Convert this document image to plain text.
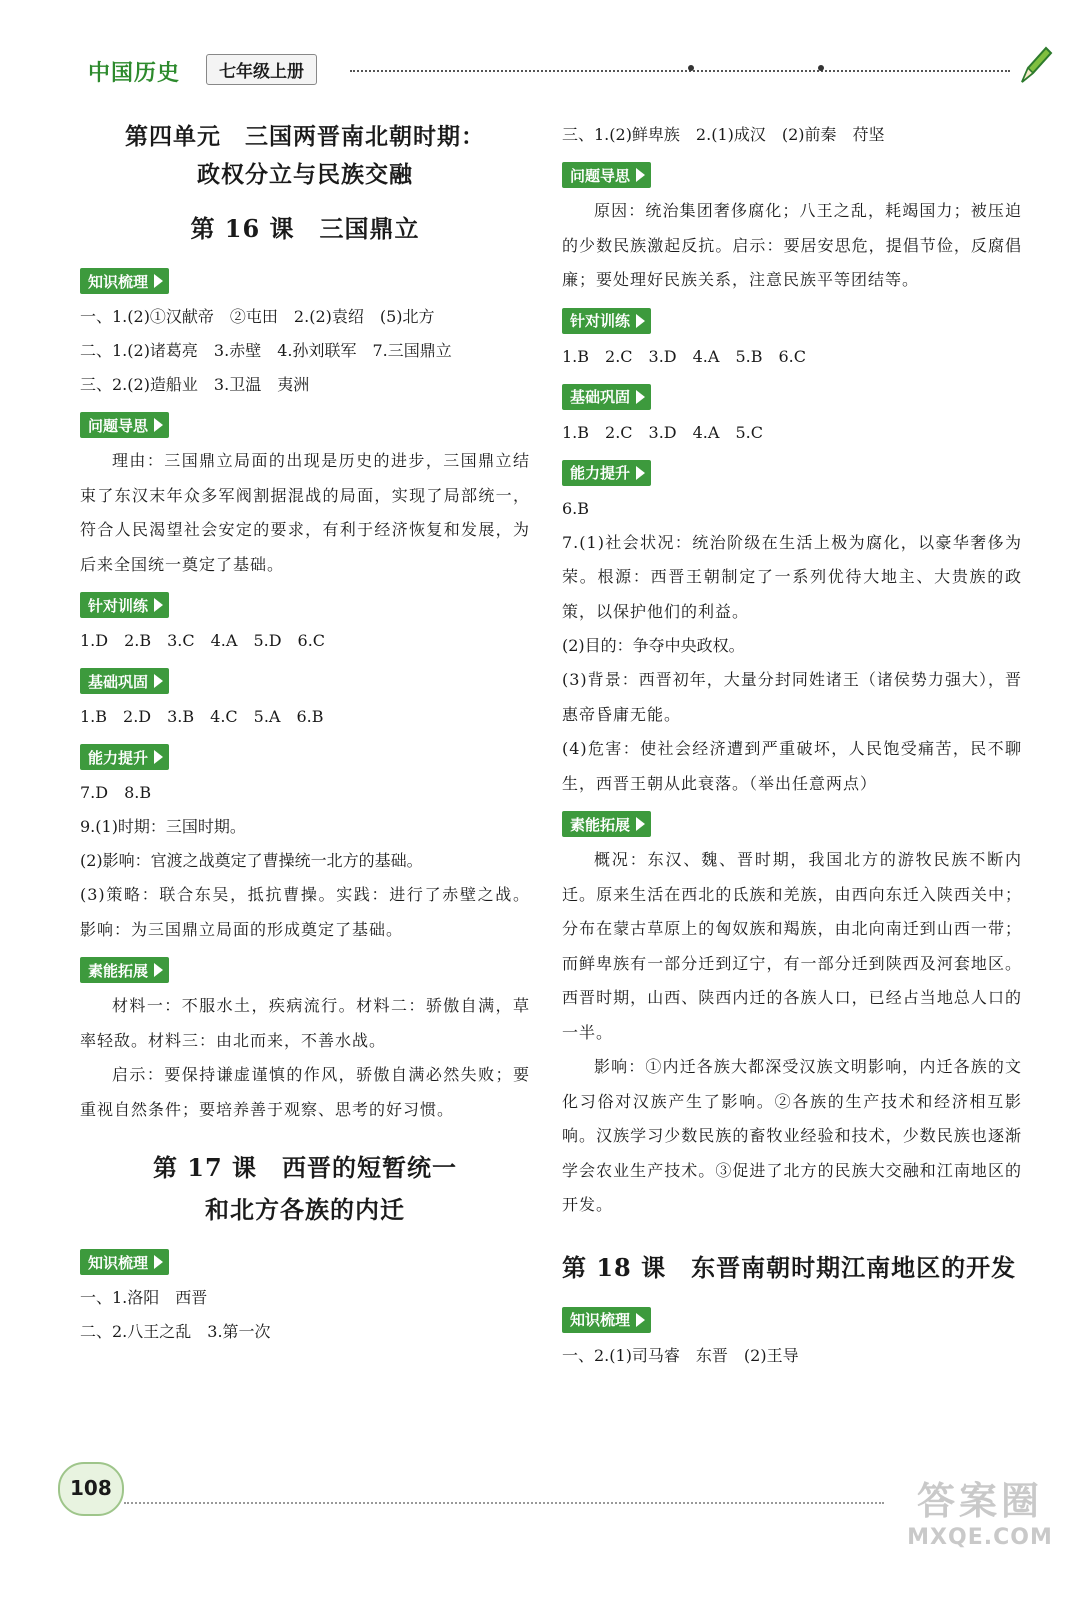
中国历史	七年级上册
第四单元　三国两晋南北朝时期：
政权分立与民族交融
第 16 课　三国鼎立
知识梳理

一、1.(2)①汉献帝　②屯田　2.(2)袁绍　(5)北方

二、1.(2)诸葛亮　3.赤壁　4.孙刘联军　7.三国鼎立

三、2.(2)造船业　3.卫温　夷洲

问题导思

理由：三国鼎立局面的出现是历史的进步，三国鼎立结束了东汉末年众多军阀割据混战的局面，实现了局部统一，符合人民渴望社会安定的要求，有利于经济恢复和发展，为后来全国统一奠定了基础。

针对训练

1.D　2.B　3.C　4.A　5.D　6.C

基础巩固

1.B　2.D　3.B　4.C　5.A　6.B

能力提升

7.D　8.B

9.(1)时期：三国时期。

(2)影响：官渡之战奠定了曹操统一北方的基础。

(3)策略：联合东吴，抵抗曹操。实践：进行了赤壁之战。影响：为三国鼎立局面的形成奠定了基础。

素能拓展

材料一：不服水土，疾病流行。材料二：骄傲自满，草率轻敌。材料三：由北而来，不善水战。

启示：要保持谦虚谨慎的作风，骄傲自满必然失败；要重视自然条件；要培养善于观察、思考的好习惯。

第 17 课　西晋的短暂统一
和北方各族的内迁
知识梳理

一、1.洛阳　西晋

二、2.八王之乱　3.第一次

三、1.(2)鲜卑族　2.(1)成汉　(2)前秦　苻坚

问题导思

原因：统治集团奢侈腐化；八王之乱，耗竭国力；被压迫的少数民族激起反抗。启示：要居安思危，提倡节俭，反腐倡廉；要处理好民族关系，注意民族平等团结等。

针对训练

1.B　2.C　3.D　4.A　5.B　6.C

基础巩固

1.B　2.C　3.D　4.A　5.C

能力提升

6.B

7.(1)社会状况：统治阶级在生活上极为腐化，以豪华奢侈为荣。根源：西晋王朝制定了一系列优待大地主、大贵族的政策，以保护他们的利益。

(2)目的：争夺中央政权。

(3)背景：西晋初年，大量分封同姓诸王（诸侯势力强大），晋惠帝昏庸无能。

(4)危害：使社会经济遭到严重破坏，人民饱受痛苦，民不聊生，西晋王朝从此衰落。（举出任意两点）

素能拓展

概况：东汉、魏、晋时期，我国北方的游牧民族不断内迁。原来生活在西北的氐族和羌族，由西向东迁入陕西关中；分布在蒙古草原上的匈奴族和羯族，由北向南迁到山西一带；而鲜卑族有一部分迁到辽宁，有一部分迁到陕西及河套地区。西晋时期，山西、陕西内迁的各族人口，已经占当地总人口的一半。

影响：①内迁各族大都深受汉族文明影响，内迁各族的文化习俗对汉族产生了影响。②各族的生产技术和经济相互影响。汉族学习少数民族的畜牧业经验和技术，少数民族也逐渐学会农业生产技术。③促进了北方的民族大交融和江南地区的开发。

第 18 课　东晋南朝时期江南地区的开发
知识梳理

一、2.(1)司马睿　东晋　(2)王导

108	答案圈
MXQE.COM
